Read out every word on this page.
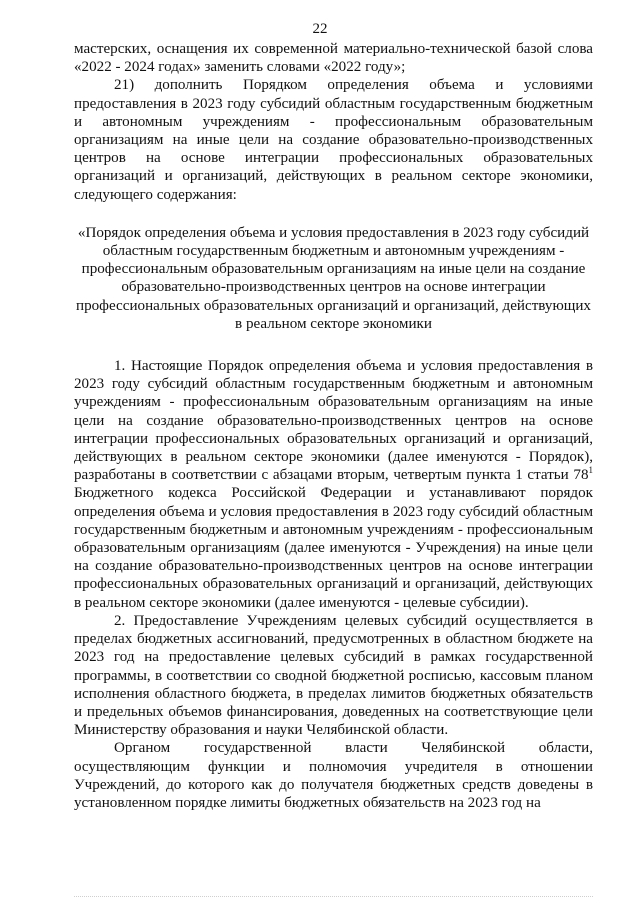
22

мастерских, оснащения их современной материально-технической базой слова «2022 - 2024 годах» заменить словами «2022 году»;

21) дополнить Порядком определения объема и условиями предоставления в 2023 году субсидий областным государственным бюджетным и автономным учреждениям - профессиональным образовательным организациям на иные цели на создание образовательно-производственных центров на основе интеграции профессиональных образовательных организаций и организаций, действующих в реальном секторе экономики, следующего содержания:

«Порядок определения объема и условия предоставления в 2023 году субсидий областным государственным бюджетным и автономным учреждениям - профессиональным образовательным организациям на иные цели на создание образовательно-производственных центров на основе интеграции профессиональных образовательных организаций и организаций, действующих в реальном секторе экономики

1. Настоящие Порядок определения объема и условия предоставления в 2023 году субсидий областным государственным бюджетным и автономным учреждениям - профессиональным образовательным организациям на иные цели на создание образовательно-производственных центров на основе интеграции профессиональных образовательных организаций и организаций, действующих в реальном секторе экономики (далее именуются - Порядок), разработаны в соответствии с абзацами вторым, четвертым пункта 1 статьи $78^1$ Бюджетного кодекса Российской Федерации и устанавливают порядок определения объема и условия предоставления в 2023 году субсидий областным государственным бюджетным и автономным учреждениям - профессиональным образовательным организациям (далее именуются - Учреждения) на иные цели на создание образовательно-производственных центров на основе интеграции профессиональных образовательных организаций и организаций, действующих в реальном секторе экономики (далее именуются - целевые субсидии).

2. Предоставление Учреждениям целевых субсидий осуществляется в пределах бюджетных ассигнований, предусмотренных в областном бюджете на 2023 год на предоставление целевых субсидий в рамках государственной программы, в соответствии со сводной бюджетной росписью, кассовым планом исполнения областного бюджета, в пределах лимитов бюджетных обязательств и предельных объемов финансирования, доведенных на соответствующие цели Министерству образования и науки Челябинской области.

Органом государственной власти Челябинской области, осуществляющим функции и полномочия учредителя в отношении Учреждений, до которого как до получателя бюджетных средств доведены в установленном порядке лимиты бюджетных обязательств на 2023 год на
